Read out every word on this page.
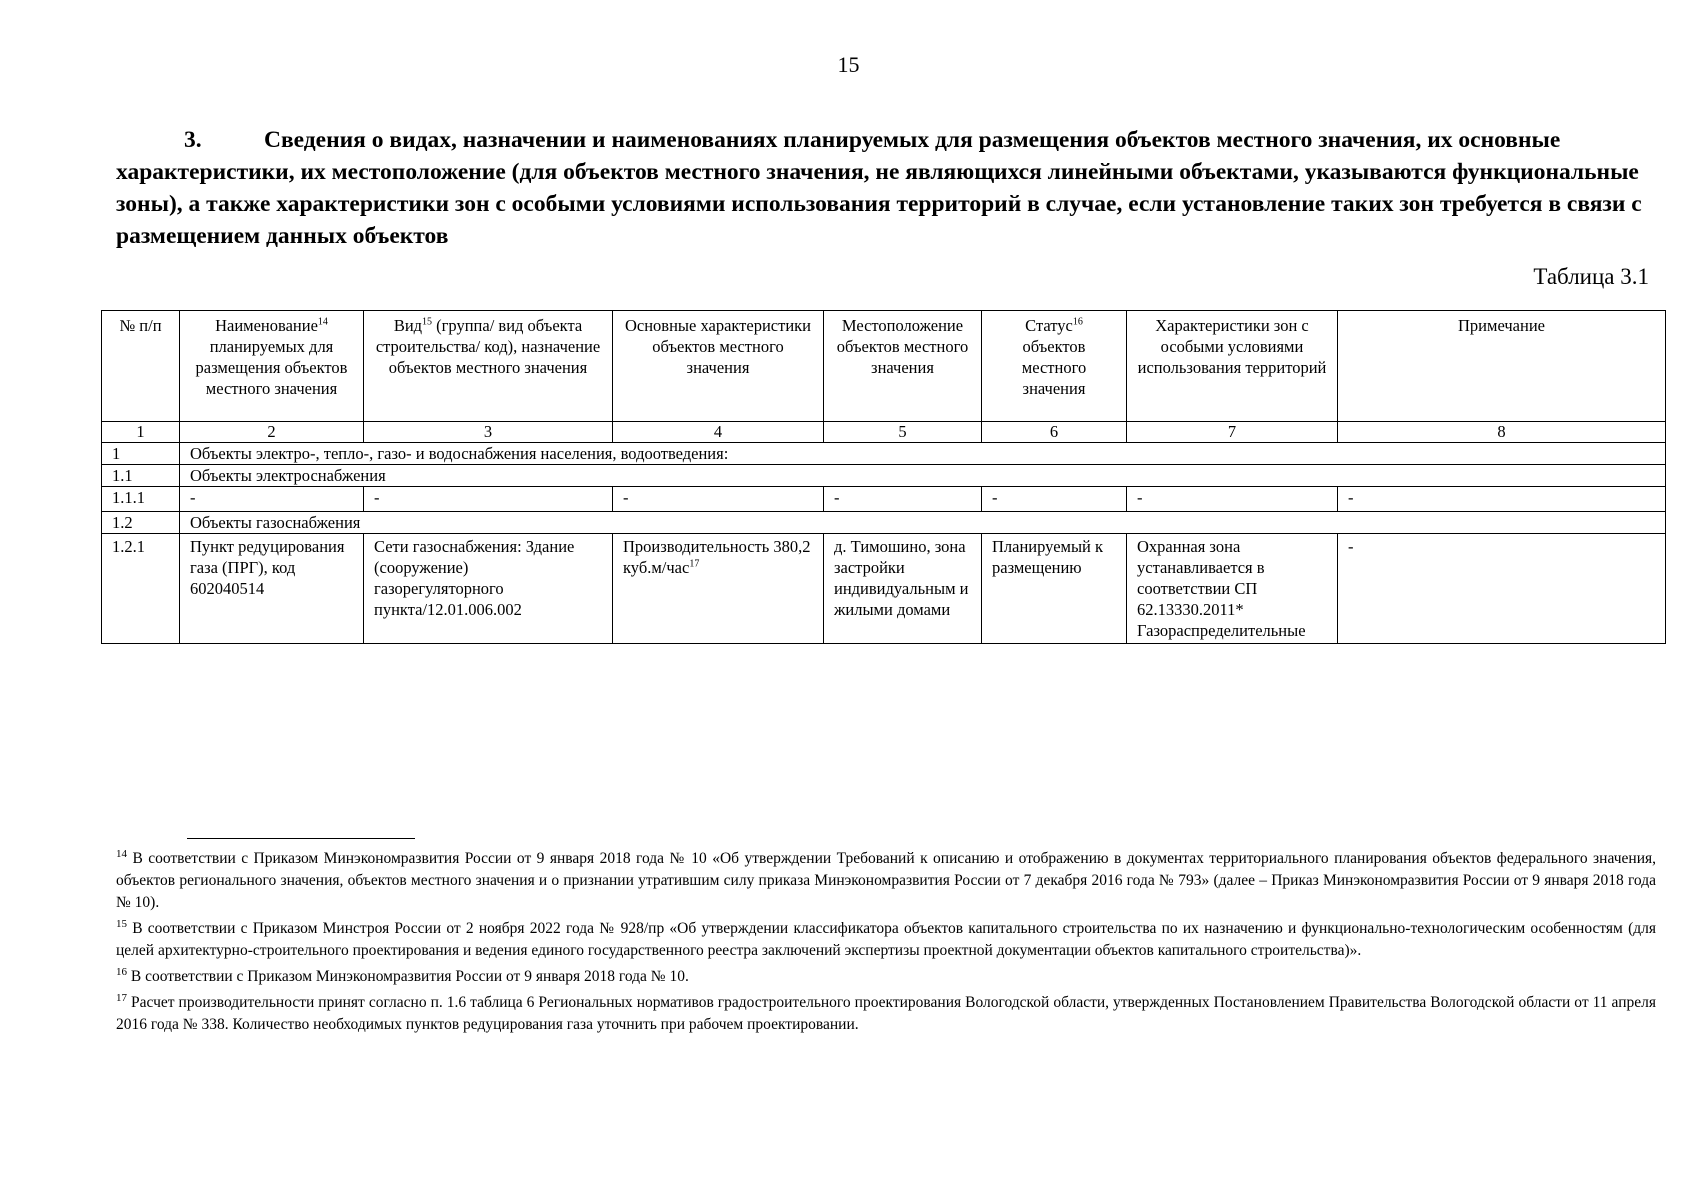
15
3.	Сведения о видах, назначении и наименованиях планируемых для размещения объектов местного значения, их основные характеристики, их местоположение (для объектов местного значения, не являющихся линейными объектами, указываются функциональные зоны), а также характеристики зон с особыми условиями использования территорий в случае, если установление таких зон требуется в связи с размещением данных объектов
Таблица 3.1
№ п/п	Наименование$^{14}$ планируемых для размещения объектов местного значения	Вид$^{15}$ (группа/ вид объекта строительства/ код), назначение объектов местного значения	Основные характеристики объектов местного значения	Местоположение объектов местного значения	Статус$^{16}$ объектов местного значения	Характеристики зон с особыми условиями использования территорий	Примечание
1	2	3	4	5	6	7	8
1	Объекты электро-, тепло-, газо- и водоснабжения населения, водоотведения:						
1.1	Объекты электроснабжения						
1.1.1	-	-	-	-	-	-	-
1.2	Объекты газоснабжения						
1.2.1	Пункт редуцирования газа (ПРГ), код 602040514	Сети газоснабжения: Здание (сооружение) газорегуляторного пункта/12.01.006.002	Производительность 380,2 куб.м/час$^{17}$	д. Тимошино, зона застройки индивидуальным и жилыми домами	Планируемый к размещению	Охранная зона устанавливается в соответствии СП 62.13330.2011* Газораспределительные	-

$^{14}$ В соответствии с Приказом Минэкономразвития России от 9 января 2018 года № 10 «Об утверждении Требований к описанию и отображению в документах территориального планирования объектов федерального значения, объектов регионального значения, объектов местного значения и о признании утратившим силу приказа Минэкономразвития России от 7 декабря 2016 года № 793» (далее – Приказ Минэкономразвития России от 9 января 2018 года № 10).

$^{15}$ В соответствии с Приказом Минстроя России от 2 ноября 2022 года № 928/пр «Об утверждении классификатора объектов капитального строительства по их назначению и функционально-технологическим особенностям (для целей архитектурно-строительного проектирования и ведения единого государственного реестра заключений экспертизы проектной документации объектов капитального строительства)».

$^{16}$ В соответствии с Приказом Минэкономразвития России от 9 января 2018 года № 10.

$^{17}$ Расчет производительности принят согласно п. 1.6 таблица 6 Региональных нормативов градостроительного проектирования Вологодской области, утвержденных Постановлением Правительства Вологодской области от 11 апреля 2016 года № 338. Количество необходимых пунктов редуцирования газа уточнить при рабочем проектировании.
